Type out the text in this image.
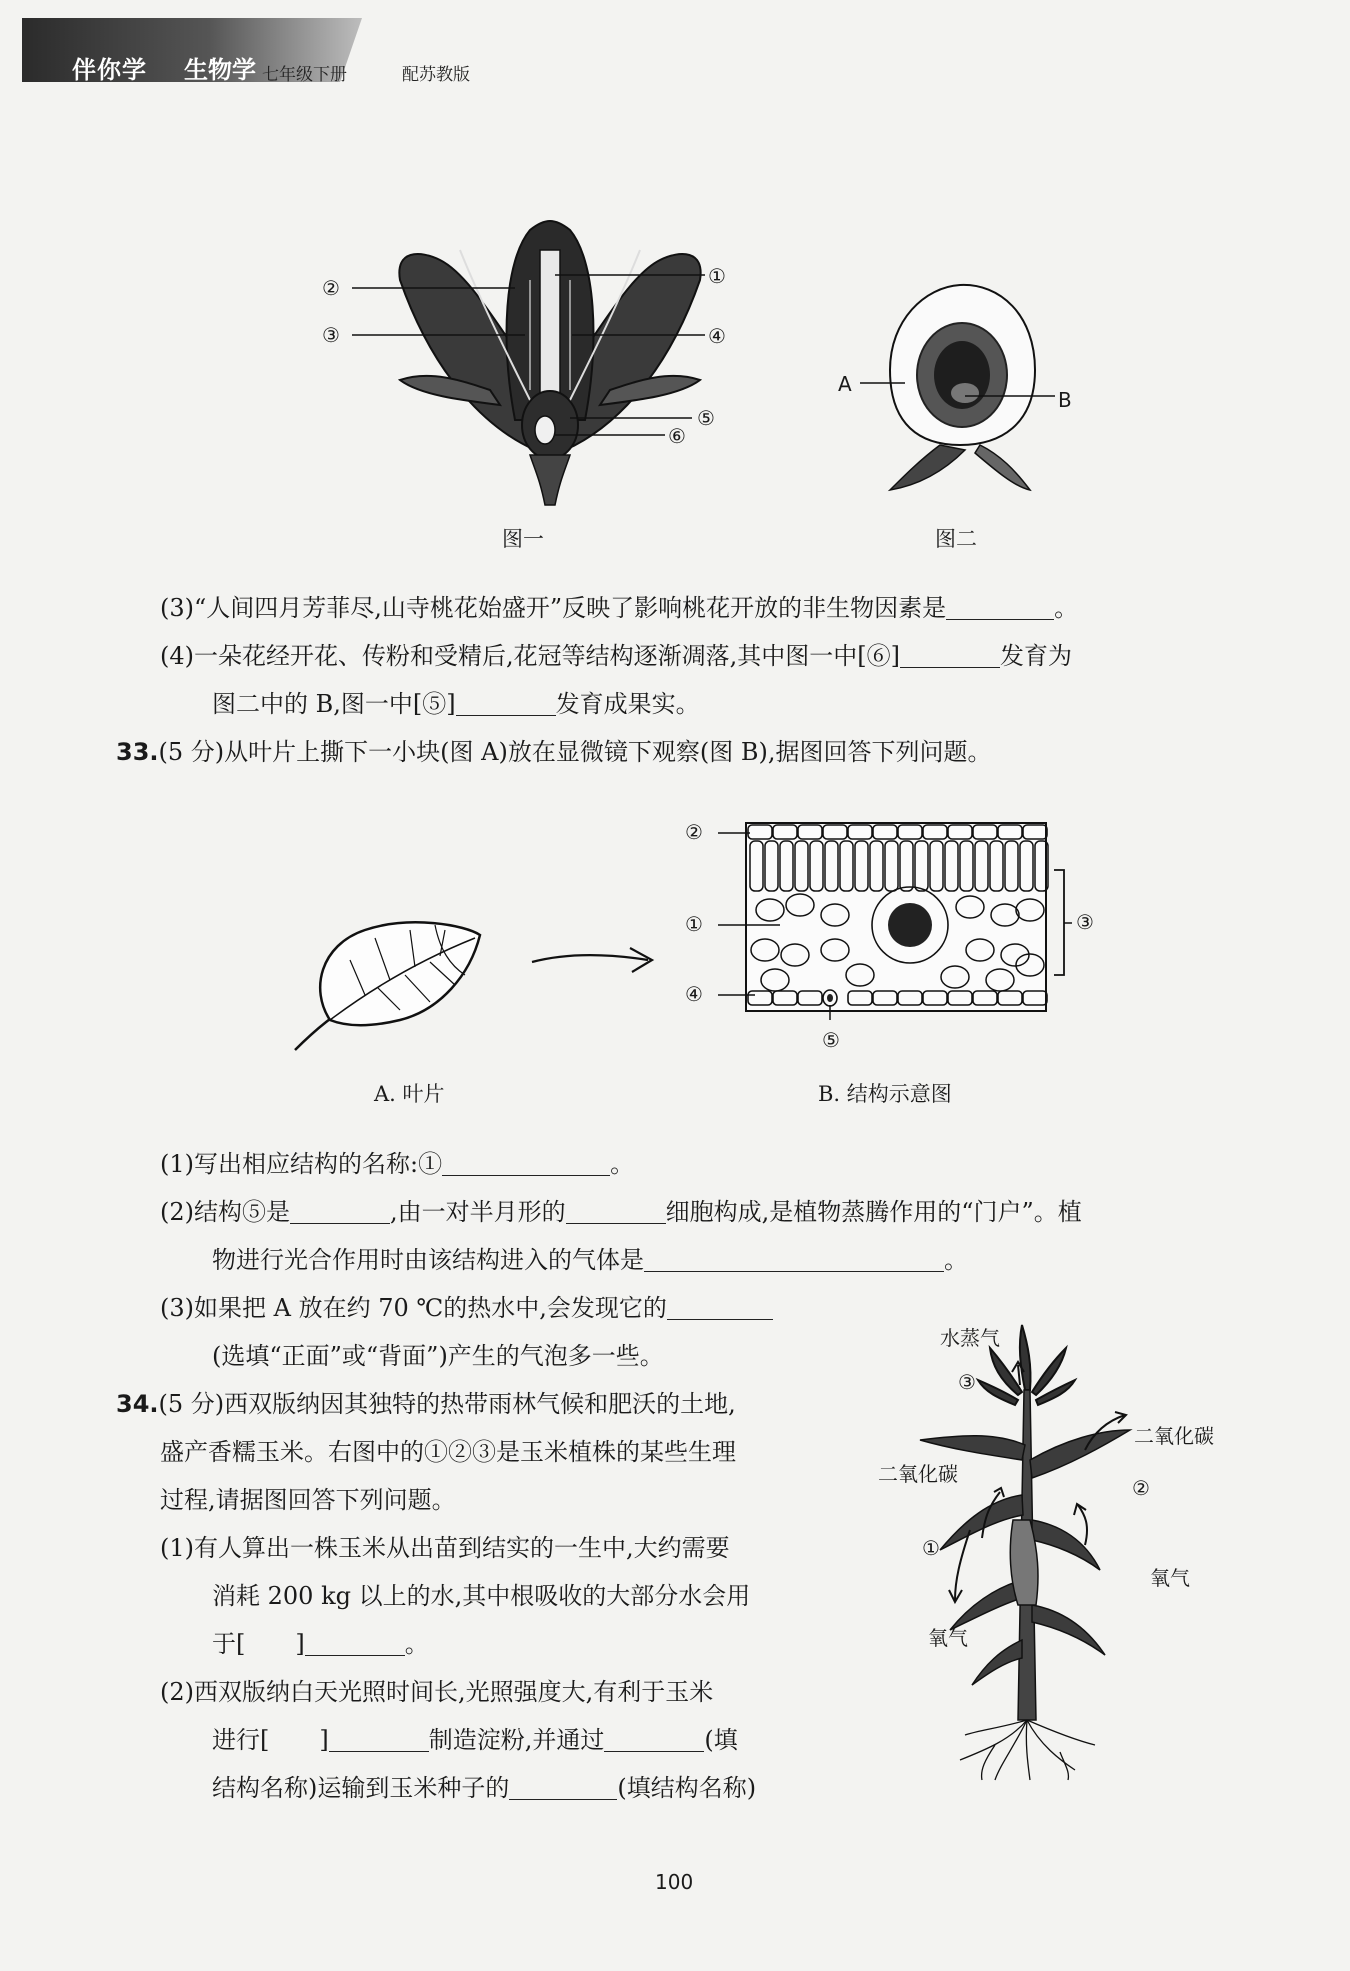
伴你学 生物学 七年级下册	配苏教版
②
③
①
④
⑤
⑥
图一
A
B
图二
(3)“人间四月芳菲尽,山寺桃花始盛开”反映了影响桃花开放的非生物因素是	。
(4)一朵花经开花、传粉和受精后,花冠等结构逐渐凋落,其中图一中[⑥]	发育为
图二中的 B,图一中[⑤]	发育成果实。
33.(5 分)从叶片上撕下一小块(图 A)放在显微镜下观察(图 B),据图回答下列问题。
A. 叶片
②
①	③
④
⑤
B. 结构示意图
(1)写出相应结构的名称:①	。
(2)结构⑤是	,由一对半月形的	细胞构成,是植物蒸腾作用的“门户”。植
物进行光合作用时由该结构进入的气体是	。
(3)如果把 A 放在约 70 ℃的热水中,会发现它的
(选填“正面”或“背面”)产生的气泡多一些。
34.(5 分)西双版纳因其独特的热带雨林气候和肥沃的土地,
盛产香糯玉米。右图中的①②③是玉米植株的某些生理
过程,请据图回答下列问题。
(1)有人算出一株玉米从出苗到结实的一生中,大约需要
消耗 200 kg 以上的水,其中根吸收的大部分水会用
于[ ]	。
(2)西双版纳白天光照时间长,光照强度大,有利于玉米
进行[ ]	制造淀粉,并通过	(填
结构名称)运输到玉米种子的	(填结构名称)
水蒸气
二氧化碳
二氧化碳
氧气
氧气
③
②
①
100
